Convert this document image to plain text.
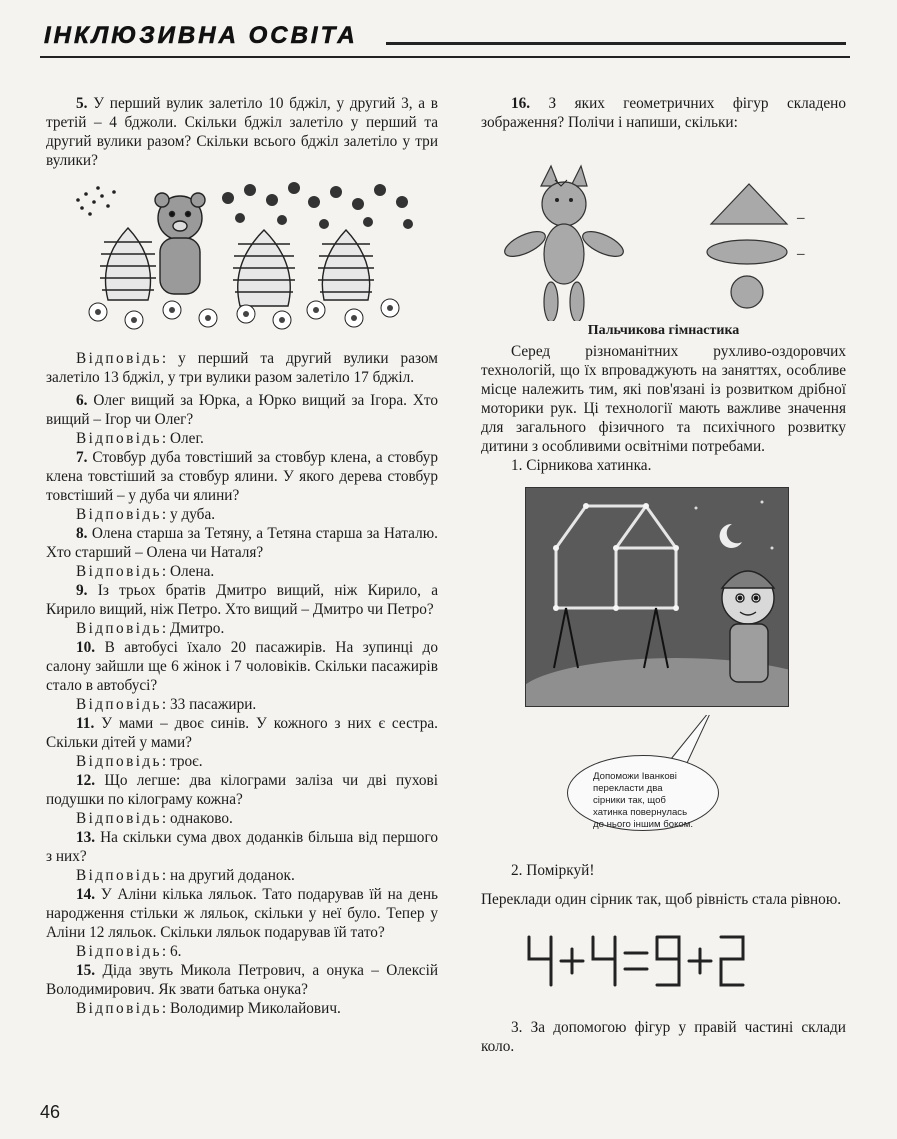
ІНКЛЮЗИВНА ОСВІТА

5. У перший вулик залетіло 10 бджіл, у другий 3, а в третій – 4 бджоли. Скільки бджіл залетіло у перший та другий вулики разом? Скільки всього бджіл залетіло у три вулики?

Відповідь: у перший та другий вулики разом залетіло 13 бджіл, у три вулики разом залетіло 17 бджіл.

6. Олег вищий за Юрка, а Юрко вищий за Ігора. Хто вищий – Ігор чи Олег?

Відповідь: Олег.

7. Стовбур дуба товстіший за стовбур клена, а стовбур клена товстіший за стовбур ялини. У якого дерева стовбур товстіший – у дуба чи ялини?

Відповідь: у дуба.

8. Олена старша за Тетяну, а Тетяна старша за Наталю. Хто старший – Олена чи Наталя?

Відповідь: Олена.

9. Із трьох братів Дмитро вищий, ніж Кирило, а Кирило вищий, ніж Петро. Хто вищий – Дмитро чи Петро?

Відповідь: Дмитро.

10. В автобусі їхало 20 пасажирів. На зупинці до салону зайшли ще 6 жінок і 7 чоловіків. Скільки пасажирів стало в автобусі?

Відповідь: 33 пасажири.

11. У мами – двоє синів. У кожного з них є сестра. Скільки дітей у мами?

Відповідь: троє.

12. Що легше: два кілограми заліза чи дві пухові подушки по кілограму кожна?

Відповідь: однаково.

13. На скільки сума двох доданків більша від першого з них?

Відповідь: на другий доданок.

14. У Аліни кілька ляльок. Тато подарував їй на день народження стільки ж ляльок, скільки у неї було. Тепер у Аліни 12 ляльок. Скільки ляльок подарував їй тато?

Відповідь: 6.

15. Діда звуть Микола Петрович, а онука – Олексій Володимирович. Як звати батька онука?

Відповідь: Володимир Миколайович.

16. З яких геометричних фігур складено зображення? Полічи і напиши, скільки:

–
–
Пальчикова гімнастика

Серед різноманітних рухливо-оздоровчих технологій, що їх впроваджують на заняттях, особливе місце належить тим, які пов'язані із розвитком дрібної моторики рук. Ці технології мають важливе значення для загального фізичного та психічного розвитку дитини з особливими освітніми потребами.

1. Сірникова хатинка.

Допоможи Іванкові перекласти два сірники так, щоб хатинка повернулась до нього іншим боком.

2. Поміркуй!

Переклади один сірник так, щоб рівність стала рівною.

3. За допомогою фігур у правій частині склади коло.

46
